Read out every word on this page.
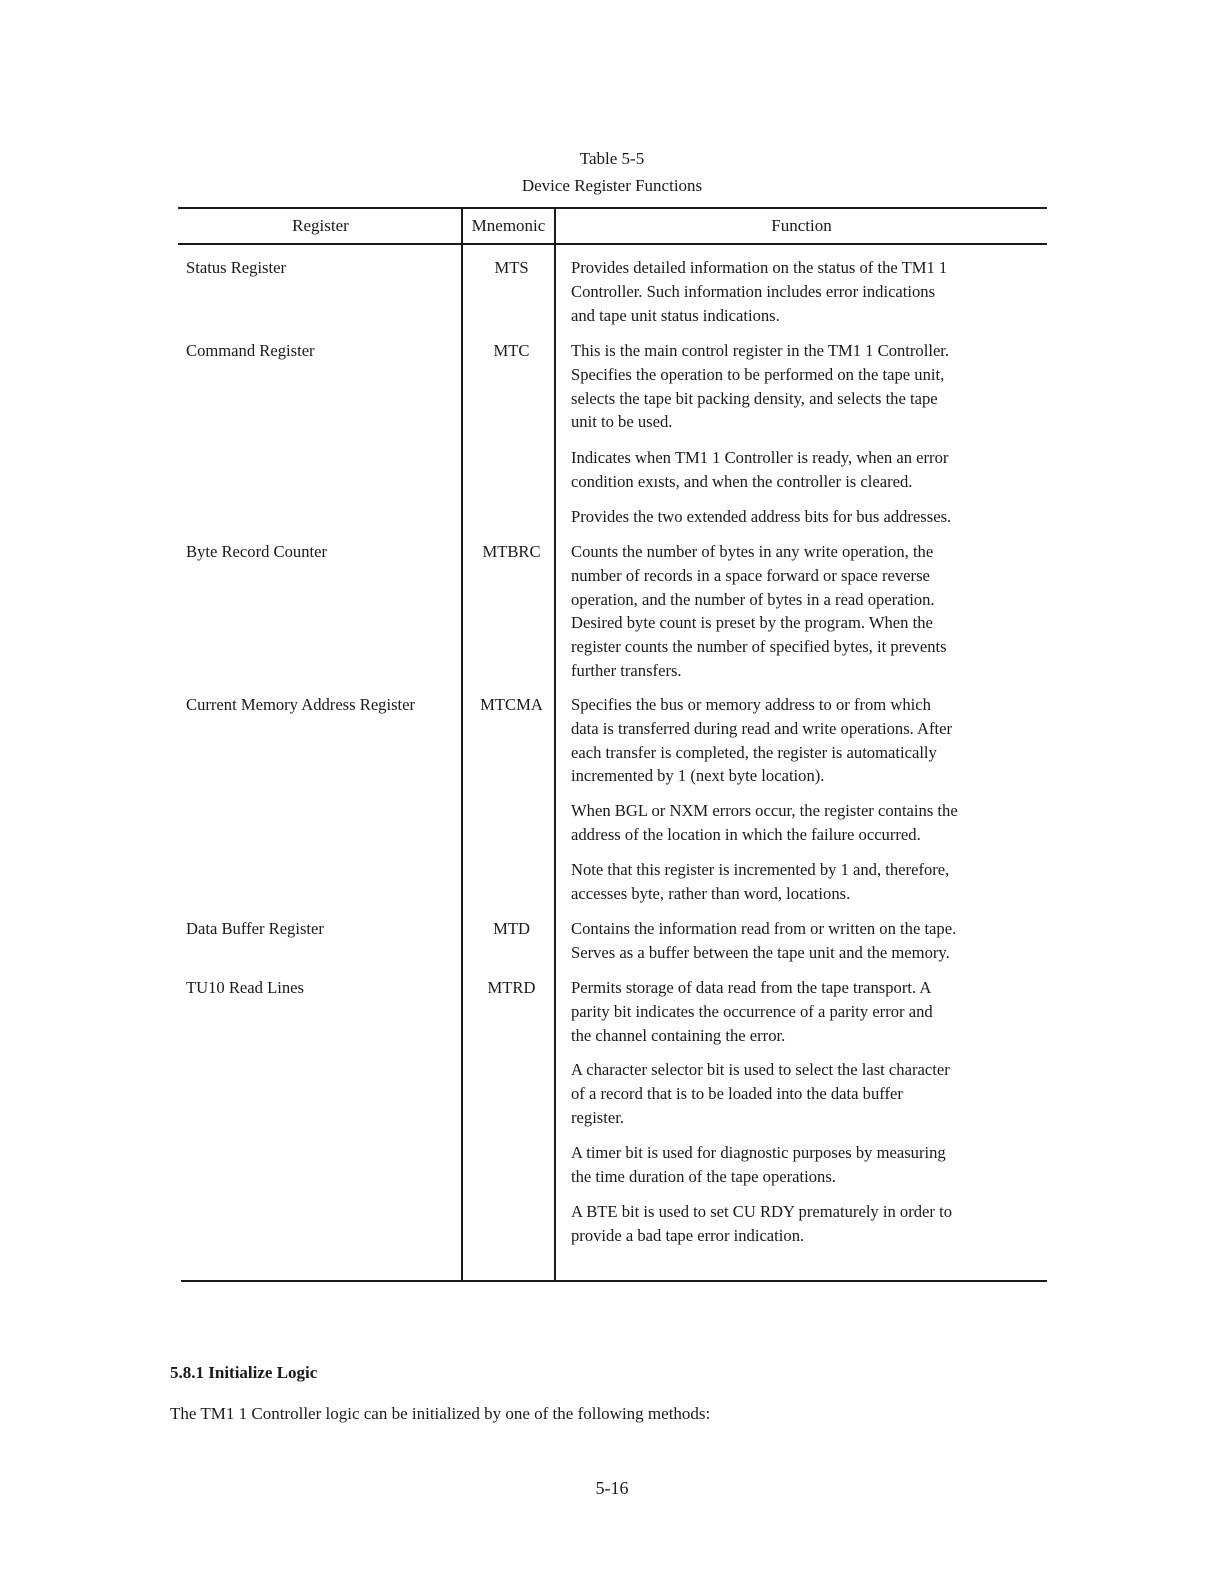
Table 5-5
Device Register Functions
Register	Mnemonic	Function
Status Register	MTS	Provides detailed information on the status of the TM1 1
Controller. Such information includes error indications
and tape unit status indications.
Command Register	MTC	This is the main control register in the TM1 1 Controller.
Specifies the operation to be performed on the tape unit,
selects the tape bit packing density, and selects the tape
unit to be used.
Indicates when TM1 1 Controller is ready, when an error
condition exısts, and when the controller is cleared.
Provides the two extended address bits for bus addresses.
Byte Record Counter	MTBRC	Counts the number of bytes in any write operation, the
number of records in a space forward or space reverse
operation, and the number of bytes in a read operation.
Desired byte count is preset by the program. When the
register counts the number of specified bytes, it prevents
further transfers.
Current Memory Address Register	MTCMA	Specifies the bus or memory address to or from which
data is transferred during read and write operations. After
each transfer is completed, the register is automatically
incremented by 1 (next byte location).
When BGL or NXM errors occur, the register contains the
address of the location in which the failure occurred.
Note that this register is incremented by 1 and, therefore,
accesses byte, rather than word, locations.
Data Buffer Register	MTD	Contains the information read from or written on the tape.
Serves as a buffer between the tape unit and the memory.
TU10 Read Lines	MTRD	Permits storage of data read from the tape transport. A
parity bit indicates the occurrence of a parity error and
the channel containing the error.
A character selector bit is used to select the last character
of a record that is to be loaded into the data buffer
register.
A timer bit is used for diagnostic purposes by measuring
the time duration of the tape operations.
A BTE bit is used to set CU RDY prematurely in order to
provide a bad tape error indication.
5.8.1 Initialize Logic
The TM1 1 Controller logic can be initialized by one of the following methods:
5-16
